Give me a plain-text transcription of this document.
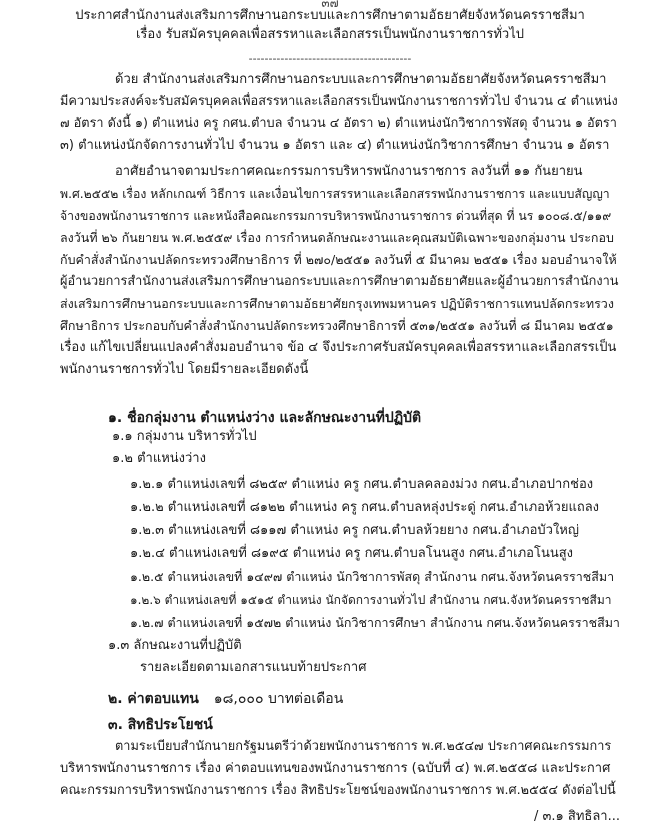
๓๗
ประกาศสำนักงานส่งเสริมการศึกษานอกระบบและการศึกษาตามอัธยาศัยจังหวัดนครราชสีมา
เรื่อง รับสมัครบุคคลเพื่อสรรหาและเลือกสรรเป็นพนักงานราชการทั่วไป
-----------------------------------------
ด้วย สำนักงานส่งเสริมการศึกษานอกระบบและการศึกษาตามอัธยาศัยจังหวัดนครราชสีมา
มีความประสงค์จะรับสมัครบุคคลเพื่อสรรหาและเลือกสรรเป็นพนักงานราชการทั่วไป จำนวน ๔ ตำแหน่ง
๗ อัตรา ดังนี้ ๑) ตำแหน่ง ครู กศน.ตำบล จำนวน ๔ อัตรา ๒) ตำแหน่งนักวิชาการพัสดุ จำนวน ๑ อัตรา
๓) ตำแหน่งนักจัดการงานทั่วไป จำนวน ๑ อัตรา และ ๔) ตำแหน่งนักวิชาการศึกษา จำนวน ๑ อัตรา
อาศัยอำนาจตามประกาศคณะกรรมการบริหารพนักงานราชการ ลงวันที่ ๑๑ กันยายน
พ.ศ.๒๕๕๒ เรื่อง หลักเกณฑ์ วิธีการ และเงื่อนไขการสรรหาและเลือกสรรพนักงานราชการ และแบบสัญญา
จ้างของพนักงานราชการ และหนังสือคณะกรรมการบริหารพนักงานราชการ ด่วนที่สุด ที่ นร ๑๐๐๘.๕/๑๑๙
ลงวันที่ ๒๖ กันยายน พ.ศ.๒๕๕๙ เรื่อง การกำหนดลักษณะงานและคุณสมบัติเฉพาะของกลุ่มงาน ประกอบ
กับคำสั่งสำนักงานปลัดกระทรวงศึกษาธิการ ที่ ๒๗๐/๒๕๕๑ ลงวันที่ ๕ มีนาคม ๒๕๕๑ เรื่อง มอบอำนาจให้
ผู้อำนวยการสำนักงานส่งเสริมการศึกษานอกระบบและการศึกษาตามอัธยาศัยและผู้อำนวยการสำนักงาน
ส่งเสริมการศึกษานอกระบบและการศึกษาตามอัธยาศัยกรุงเทพมหานคร ปฏิบัติราชการแทนปลัดกระทรวง
ศึกษาธิการ ประกอบกับคำสั่งสำนักงานปลัดกระทรวงศึกษาธิการที่ ๕๓๑/๒๕๕๑ ลงวันที่ ๘ มีนาคม ๒๕๕๑
เรื่อง แก้ไขเปลี่ยนแปลงคำสั่งมอบอำนาจ ข้อ ๔ จึงประกาศรับสมัครบุคคลเพื่อสรรหาและเลือกสรรเป็น
พนักงานราชการทั่วไป โดยมีรายละเอียดดังนี้
๑. ชื่อกลุ่มงาน ตำแหน่งว่าง และลักษณะงานที่ปฏิบัติ
๑.๑ กลุ่มงาน บริหารทั่วไป
๑.๒ ตำแหน่งว่าง
๑.๒.๑ ตำแหน่งเลขที่ ๘๒๕๙ ตำแหน่ง ครู กศน.ตำบลคลองม่วง กศน.อำเภอปากช่อง
๑.๒.๒ ตำแหน่งเลขที่ ๘๑๒๒ ตำแหน่ง ครู กศน.ตำบลหลุ่งประดู่ กศน.อำเภอห้วยแถลง
๑.๒.๓ ตำแหน่งเลขที่ ๘๑๑๗ ตำแหน่ง ครู กศน.ตำบลห้วยยาง กศน.อำเภอบัวใหญ่
๑.๒.๔ ตำแหน่งเลขที่ ๘๑๙๕ ตำแหน่ง ครู กศน.ตำบลโนนสูง กศน.อำเภอโนนสูง
๑.๒.๕ ตำแหน่งเลขที่ ๑๔๙๗ ตำแหน่ง นักวิชาการพัสดุ สำนักงาน กศน.จังหวัดนครราชสีมา
๑.๒.๖ ตำแหน่งเลขที่ ๑๕๑๕ ตำแหน่ง นักจัดการงานทั่วไป สำนักงาน กศน.จังหวัดนครราชสีมา
๑.๒.๗ ตำแหน่งเลขที่ ๑๕๗๒ ตำแหน่ง นักวิชาการศึกษา สำนักงาน กศน.จังหวัดนครราชสีมา
๑.๓ ลักษณะงานที่ปฏิบัติ
รายละเอียดตามเอกสารแนบท้ายประกาศ
๒. ค่าตอบแทน ๑๘,๐๐๐ บาทต่อเดือน
๓. สิทธิประโยชน์
ตามระเบียบสำนักนายกรัฐมนตรีว่าด้วยพนักงานราชการ พ.ศ.๒๕๔๗ ประกาศคณะกรรมการ
บริหารพนักงานราชการ เรื่อง ค่าตอบแทนของพนักงานราชการ (ฉบับที่ ๔) พ.ศ.๒๕๕๘ และประกาศ
คณะกรรมการบริหารพนักงานราชการ เรื่อง สิทธิประโยชน์ของพนักงานราชการ พ.ศ.๒๕๕๔ ดังต่อไปนี้
/ ๓.๑ สิทธิลา...
